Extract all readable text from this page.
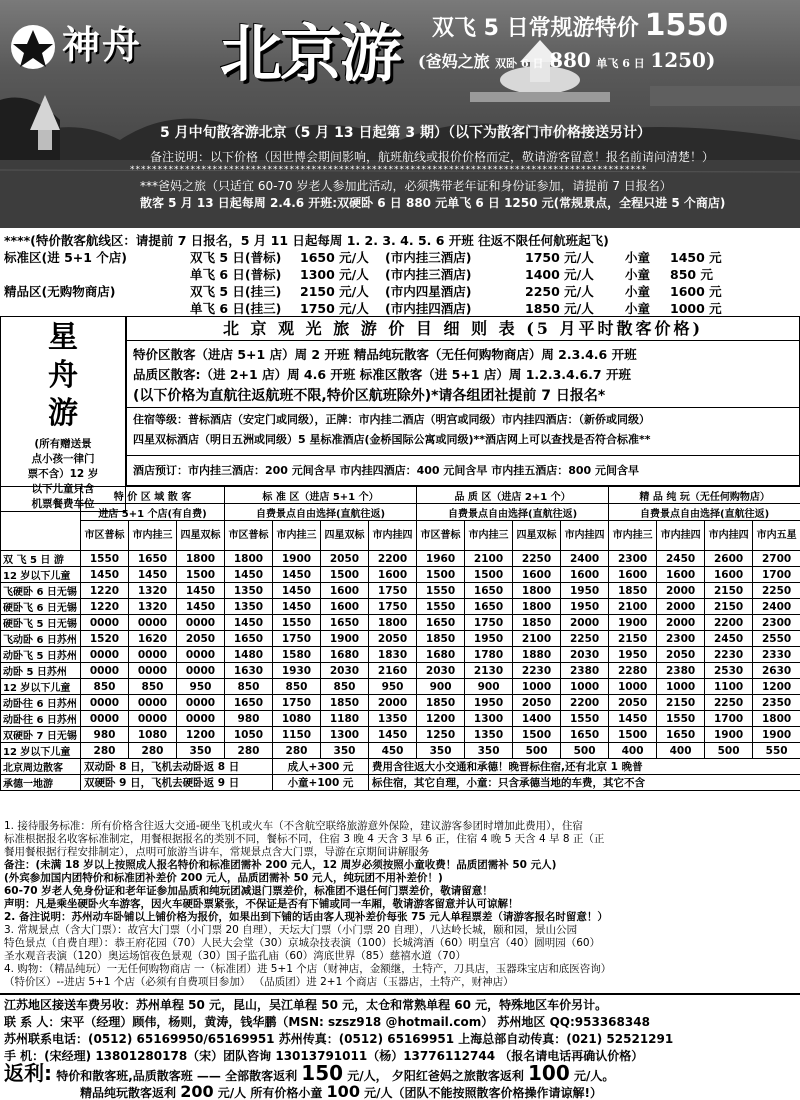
神舟 北京游 双飞 5 日常规游特价 1550
(爸妈之旅 双卧 6 日 880 单飞 6 日 1250)
5 月中旬散客游北京（5 月 13 日起第 3 期）（以下为散客门市价格接送另计）
备注说明：以下价格（因世博会期间影响，航班航线或报价价格而定，敬请游客留意！报名前请问清楚！）
**********************************************************************************************
***爸妈之旅（只适宜 60-70 岁老人参加此活动，必须携带老年证和身份证参加，请提前 7 日报名）
散客 5 月 13 日起每周 2.4.6 开班:双硬卧 6 日 880 元单飞 6 日 1250 元(常规景点，全程只进 5 个商店)
****(特价散客航线区：请提前 7 日报名，5 月 11 日起每周 1. 2. 3. 4. 5. 6 开班 往返不限任何航班起飞)
标准区(进 5+1 个店)	双飞 5 日(普标) 1650 元/人 (市内挂三酒店)	1750 元/人	小童 1450 元
单飞 6 日(普标) 1300 元/人 (市内挂三酒店)	1400 元/人	小童 850 元
精品区(无购物商店)	双飞 5 日(挂三) 2150 元/人 (市内四星酒店)	2250 元/人	小童 1600 元
单飞 6 日(挂三) 1750 元/人 (市内挂四酒店)	1850 元/人	小童 1000 元
星
舟
游
(所有赠送景
点小孩一律门
票不含）12 岁
以下儿童只含
机票餐费车位
北 京 观 光 旅 游 价 目 细 则 表 (5 月平时散客价格)
特价区散客（进店 5+1 店）周 2 开班 精品纯玩散客（无任何购物商店）周 2.3.4.6 开班
品质区散客:（进 2+1 店）周 4.6 开班 标准区散客（进 5+1 店）周 1.2.3.4.6.7 开班
(以下价格为直航往返航班不限,特价区航班除外)*请各组团社提前 7 日报名*
住宿等级：普标酒店（安定门或同级），正牌：市内挂二酒店（明宫或同级）市内挂四酒店：（新侨或同级）
四星双标酒店（明日五洲或同级）5 星标准酒店(金桥国际公寓或同级)**酒店网上可以查找是否符合标准**
酒店预订：市内挂三酒店：200 元间含早 市内挂四酒店：400 元间含早 市内挂五酒店：800 元间含早
	特 价 区 域 散 客			标 准 区（进店 5+1 个）				品 质 区（进店 2+1 个）				精 品 纯 玩（无任何购物店）			
	进店 5+1 个店(有自费)			自费景点自由选择(直航往返)				自费景点自由选择(直航往返)				自费景点自由选择(直航往返)			
	市区普标	市内挂三	四星双标	市区普标	市内挂三	四星双标	市内挂四	市区普标	市内挂三	四星双标	市内挂四	市内挂三	市内挂四	市内挂四	市内五星
双 飞 5 日 游	1550	1650	1800	1800	1900	2050	2200	1960	2100	2250	2400	2300	2450	2600	2700
12 岁以下儿童	1450	1450	1500	1450	1450	1500	1600	1500	1500	1600	1600	1600	1600	1600	1700
飞硬卧 6 日无锡	1220	1320	1450	1350	1450	1600	1750	1550	1650	1800	1950	1850	2000	2150	2250
硬卧飞 6 日无锡	1220	1320	1450	1350	1450	1600	1750	1550	1650	1800	1950	2100	2000	2150	2400
硬卧飞 5 日无锡	0000	0000	0000	1450	1550	1650	1800	1650	1750	1850	2000	1900	2000	2200	2300
飞动卧 6 日苏州	1520	1620	2050	1650	1750	1900	2050	1850	1950	2100	2250	2150	2300	2450	2550
动卧飞 5 日苏州	0000	0000	0000	1480	1580	1680	1830	1680	1780	1880	2030	1950	2050	2230	2330
动卧 5 日苏州	0000	0000	0000	1630	1930	2030	2160	2030	2130	2230	2380	2280	2380	2530	2630
12 岁以下儿童	850	850	950	850	850	850	950	900	900	1000	1000	1000	1000	1100	1200
动卧往 6 日苏州	0000	0000	0000	1650	1750	1850	2000	1850	1950	2050	2200	2050	2150	2250	2350
动卧往 6 日苏州	0000	0000	0000	980	1080	1180	1350	1200	1300	1400	1550	1450	1550	1700	1800
双硬卧 7 日无锡	980	1080	1200	1050	1150	1300	1450	1250	1350	1500	1650	1500	1650	1900	1900
12 岁以下儿童	280	280	350	280	280	350	450	350	350	500	500	400	400	500	550
北京周边散客	双动卧 8 日，飞机去动卧返 8 日				成人+300 元		费用含往返大小交通和承德！晚晋标住宿,还有北京 1 晚普								
承德一地游	双硬卧 9 日，飞机去硬卧返 9 日				小童+100 元		标住宿，其它自理，小童：只含承德当地的车费，其它不含								
1. 接待服务标准：所有价格含往返大交通-硬坐飞机或火车（不含航空联络旅游意外保险，建议游客参团时增加此费用），住宿
标准根据报名收客标准制定，用餐根据报名的类别不同，餐标不同，住宿 3 晚 4 天含 3 早 6 正，住宿 4 晚 5 天含 4 早 8 正（正
餐用餐根据行程安排制定），点明可旅游当讲车，常规景点含大门票，导游在京期间讲解服务
备注：(未满 18 岁以上按照成人报名特价和标准团需补 200 元人，12 周岁必须按照小童收费！品质团需补 50 元人)
(外宾参加国内团特价和标准团补差价 200 元人，品质团需补 50 元人，纯玩团不用补差价！)
60-70 岁老人免身份证和老年证参加品质和纯玩团减退门票差价，标准团不退任何门票差价，敬请留意！
声明：凡是乘坐硬卧火车游客，因火车硬卧票紧张，不保证是否有下铺或同一车厢，敬请游客留意并认可谅解！
2. 备注说明：苏州动车卧铺以上铺价格为报价，如果出到下铺的话由客人现补差价每张 75 元人单程票差（请游客报名时留意！）
3. 常规景点（含大门票）：故宫大门票（小门票 20 自理），天坛大门票（小门票 20 自理），八达岭长城，颐和园，景山公园
特色景点（自费自理）：恭王府花园（70）人民大会堂（30）京城杂技表演（100）长城湾酒（60）明皇宫（40）圆明园（60）
圣水观音表演（120）奥运场馆夜色景观（30）国子监孔庙（60）湾底世界（85）慈禧水道（70）
4. 购物：（精品纯玩）一无任何购物商店 一（标准团）进 5+1 个店（财神店，金额继，土特产，刀具店，玉器珠宝店和底医咨询）
（特价区）--进店 5+1 个店（必须有自费项目参加） （品质团）进 2+1 个商店（玉器店，土特产，财神店）
江苏地区接送车费另收：苏州单程 50 元，昆山，吴江单程 50 元，太仓和常熟单程 60 元，特殊地区车价另计。
联 系 人：宋平（经理）顾伟，杨则，黄涛，钱华鹏（MSN: szsz918 @hotmail.com） 苏州地区 QQ:953368348
苏州联系电话：(0512) 65169950/65169951 苏州传真：(0512) 65169951 上海总部自动传真：(021) 52521291
手 机：(宋经理) 13801280178（宋）团队咨询 13013791011（杨）13776112744 （报名请电话再确认价格）
返利: 特价和散客班,品质散客班 —— 全部散客返利 150 元/人， 夕阳红爸妈之旅散客返利 100 元/人。
精品纯玩散客返利 200 元/人 所有价格小童 100 元/人（团队不能按照散客价格操作请谅解!）
